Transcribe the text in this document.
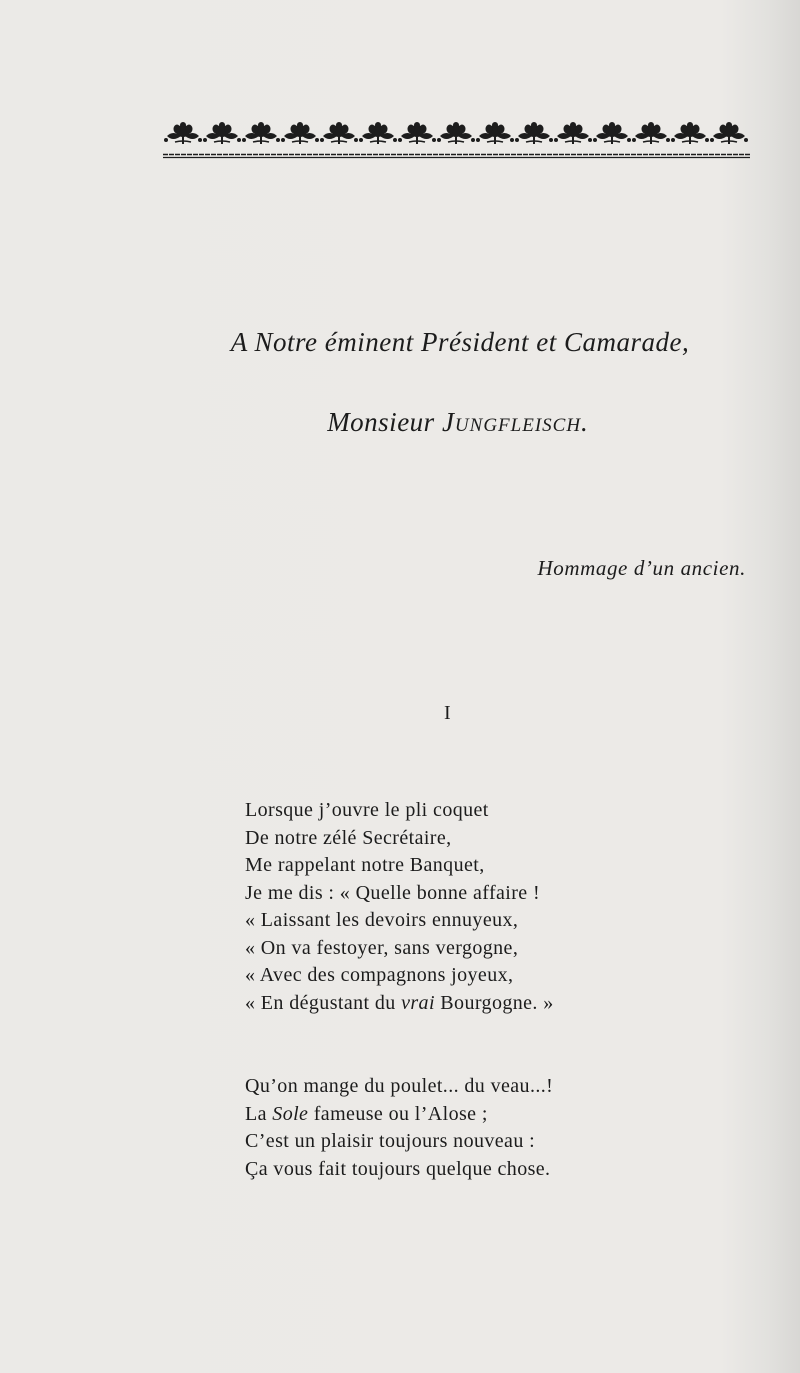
A Notre éminent Président et Camarade,
Monsieur Jungfleisch.
Hommage d’un ancien.
I
Lorsque j’ouvre le pli coquet
De notre zélé Secrétaire,
Me rappelant notre Banquet,
Je me dis : « Quelle bonne affaire !
« Laissant les devoirs ennuyeux,
« On va festoyer, sans vergogne,
« Avec des compagnons joyeux,
« En dégustant du vrai Bourgogne. »
Qu’on mange du poulet... du veau...!
La Sole fameuse ou l’Alose ;
C’est un plaisir toujours nouveau :
Ça vous fait toujours quelque chose.
